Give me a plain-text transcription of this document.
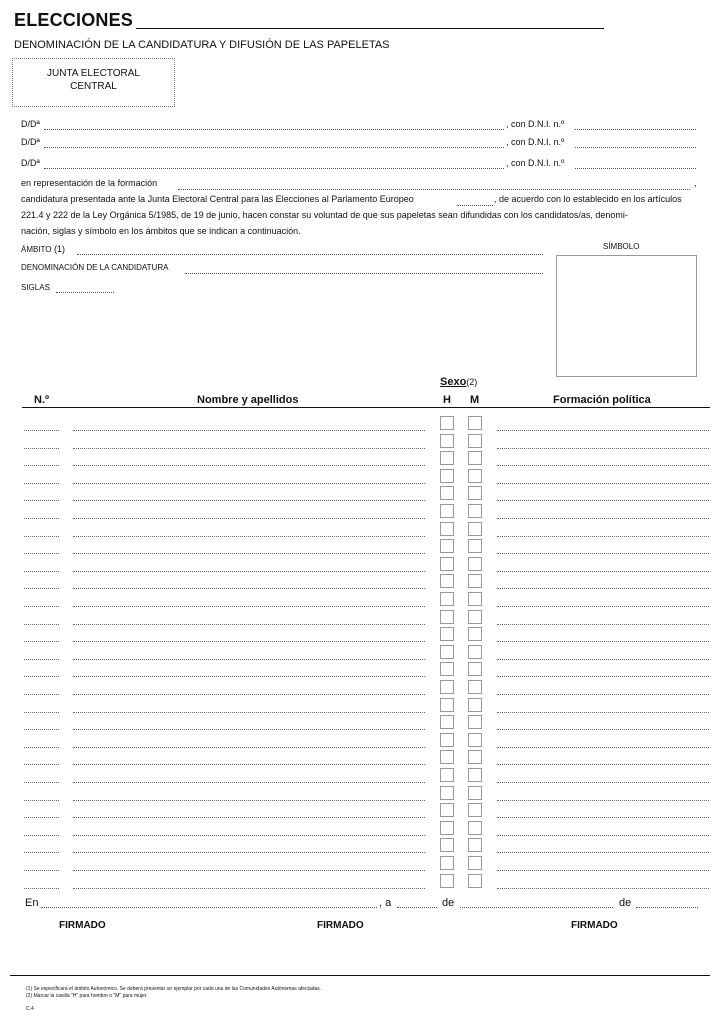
ELECCIONES
DENOMINACIÓN DE LA CANDIDATURA Y DIFUSIÓN DE LAS PAPELETAS
JUNTA ELECTORAL
CENTRAL
D/Dª	, con D.N.I. n.º
D/Dª	, con D.N.I. n.º
D/Dª	, con D.N.I. n.º
en representación de la formación	,
candidatura presentada ante la Junta Electoral Central para las Elecciones al Parlamento Europeo	, de acuerdo con lo establecido en los artículos
221.4 y 222 de la Ley Orgánica 5/1985, de 19 de junio, hacen constar su voluntad de que sus papeletas sean difundidas con los candidatos/as, denomi-
nación, siglas y símbolo en los ámbitos que se indican a continuación.
ÁMBITO (1)
DENOMINACIÓN DE LA CANDIDATURA
SIGLAS
SÍMBOLO
Sexo(2)
N.º	Nombre y apellidos	H M	Formación política
En	, a	de	de
FIRMADO	FIRMADO	FIRMADO
(1) Se especificará el ámbito Autonómico. Se deberá presentar un ejemplar por cada una de las Comunidades Autónomas afectadas.
(2) Marcar la casilla "H" para hombre o "M" para mujer.
C.4
